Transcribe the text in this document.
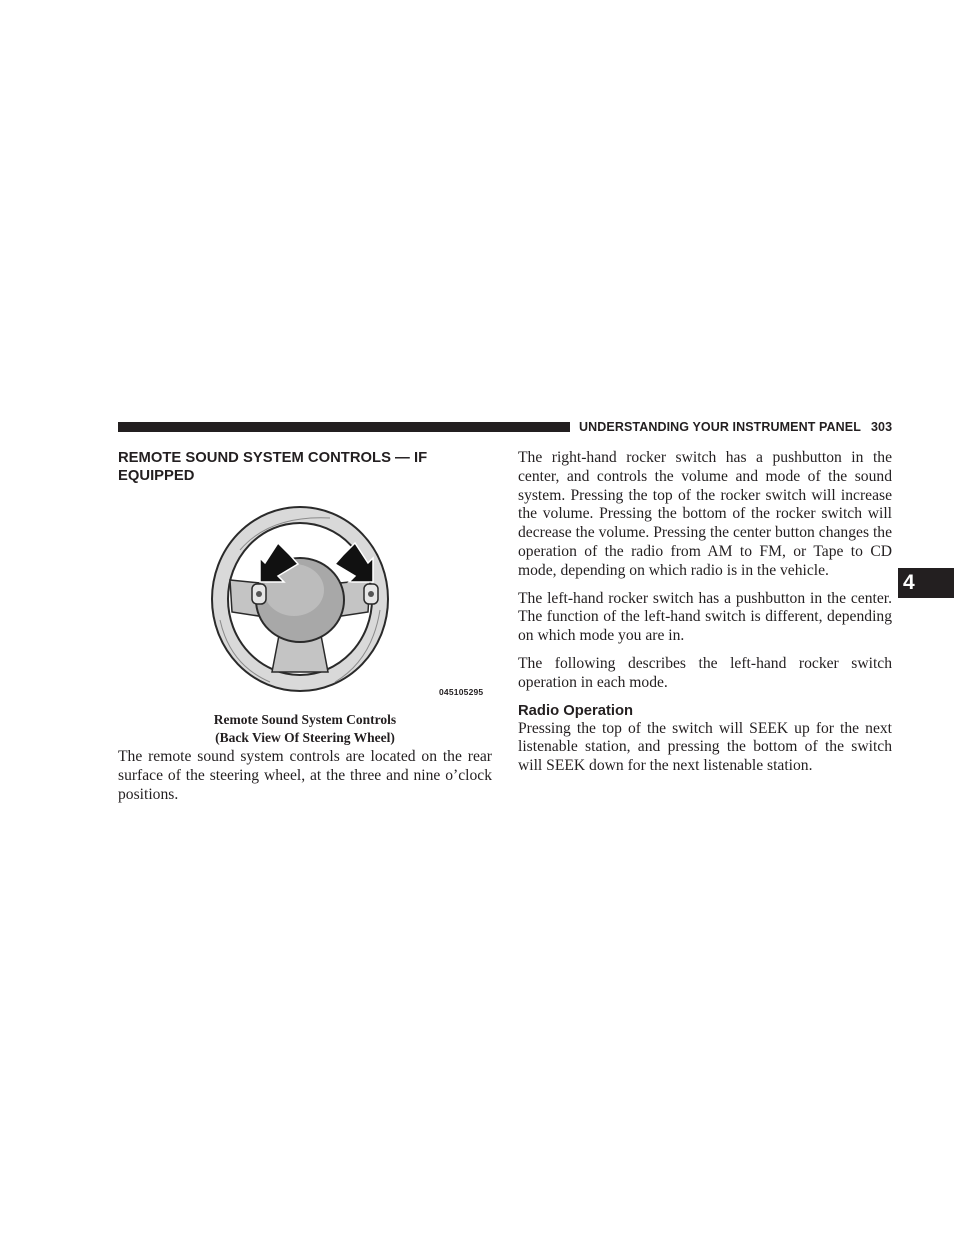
UNDERSTANDING YOUR INSTRUMENT PANEL 303
4
REMOTE SOUND SYSTEM CONTROLS — IF EQUIPPED
045105295
Remote Sound System Controls
(Back View Of Steering Wheel)

The remote sound system controls are located on the rear surface of the steering wheel, at the three and nine o’clock positions.

The right-hand rocker switch has a pushbutton in the center, and controls the volume and mode of the sound system. Pressing the top of the rocker switch will increase the volume. Pressing the bottom of the rocker switch will decrease the volume. Pressing the center button changes the operation of the radio from AM to FM, or Tape to CD mode, depending on which radio is in the vehicle.

The left-hand rocker switch has a pushbutton in the center. The function of the left-hand switch is different, depending on which mode you are in.

The following describes the left-hand rocker switch operation in each mode.

Radio Operation

Pressing the top of the switch will SEEK up for the next listenable station, and pressing the bottom of the switch will SEEK down for the next listenable station.
